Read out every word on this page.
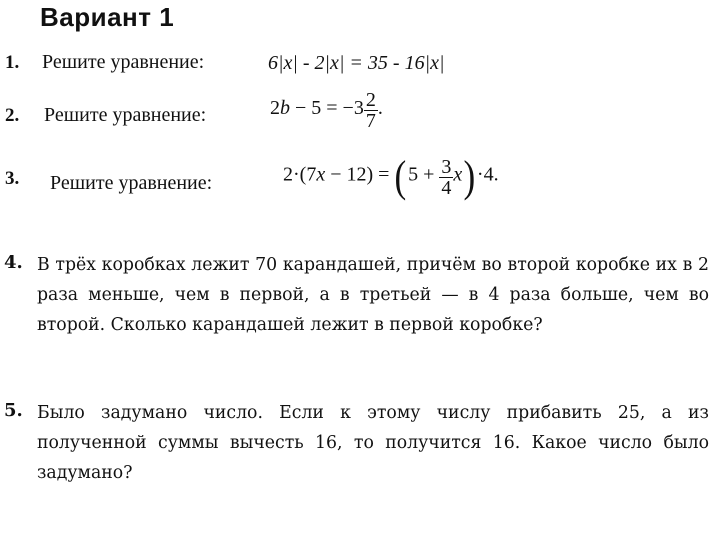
Вариант 1
1. Решите уравнение:	6|x| - 2|x| = 35 - 16|x|
2. Решите уравнение:	$2b - 5 = -3 \frac{2}{7}$ .
3. Решите уравнение:	$2\cdot(7x - 12) = (5 + \frac{3}{4} x)\cdot 4$.
4. В трёх коробках лежит 70 карандашей, причём во второй коробке их в 2 раза меньше, чем в первой, а в третьей — в 4 раза больше, чем во второй. Сколько карандашей лежит в первой коробке?
5. Было задумано число. Если к этому числу прибавить 25, а из полученной суммы вычесть 16, то получится 16. Какое число было задумано?
